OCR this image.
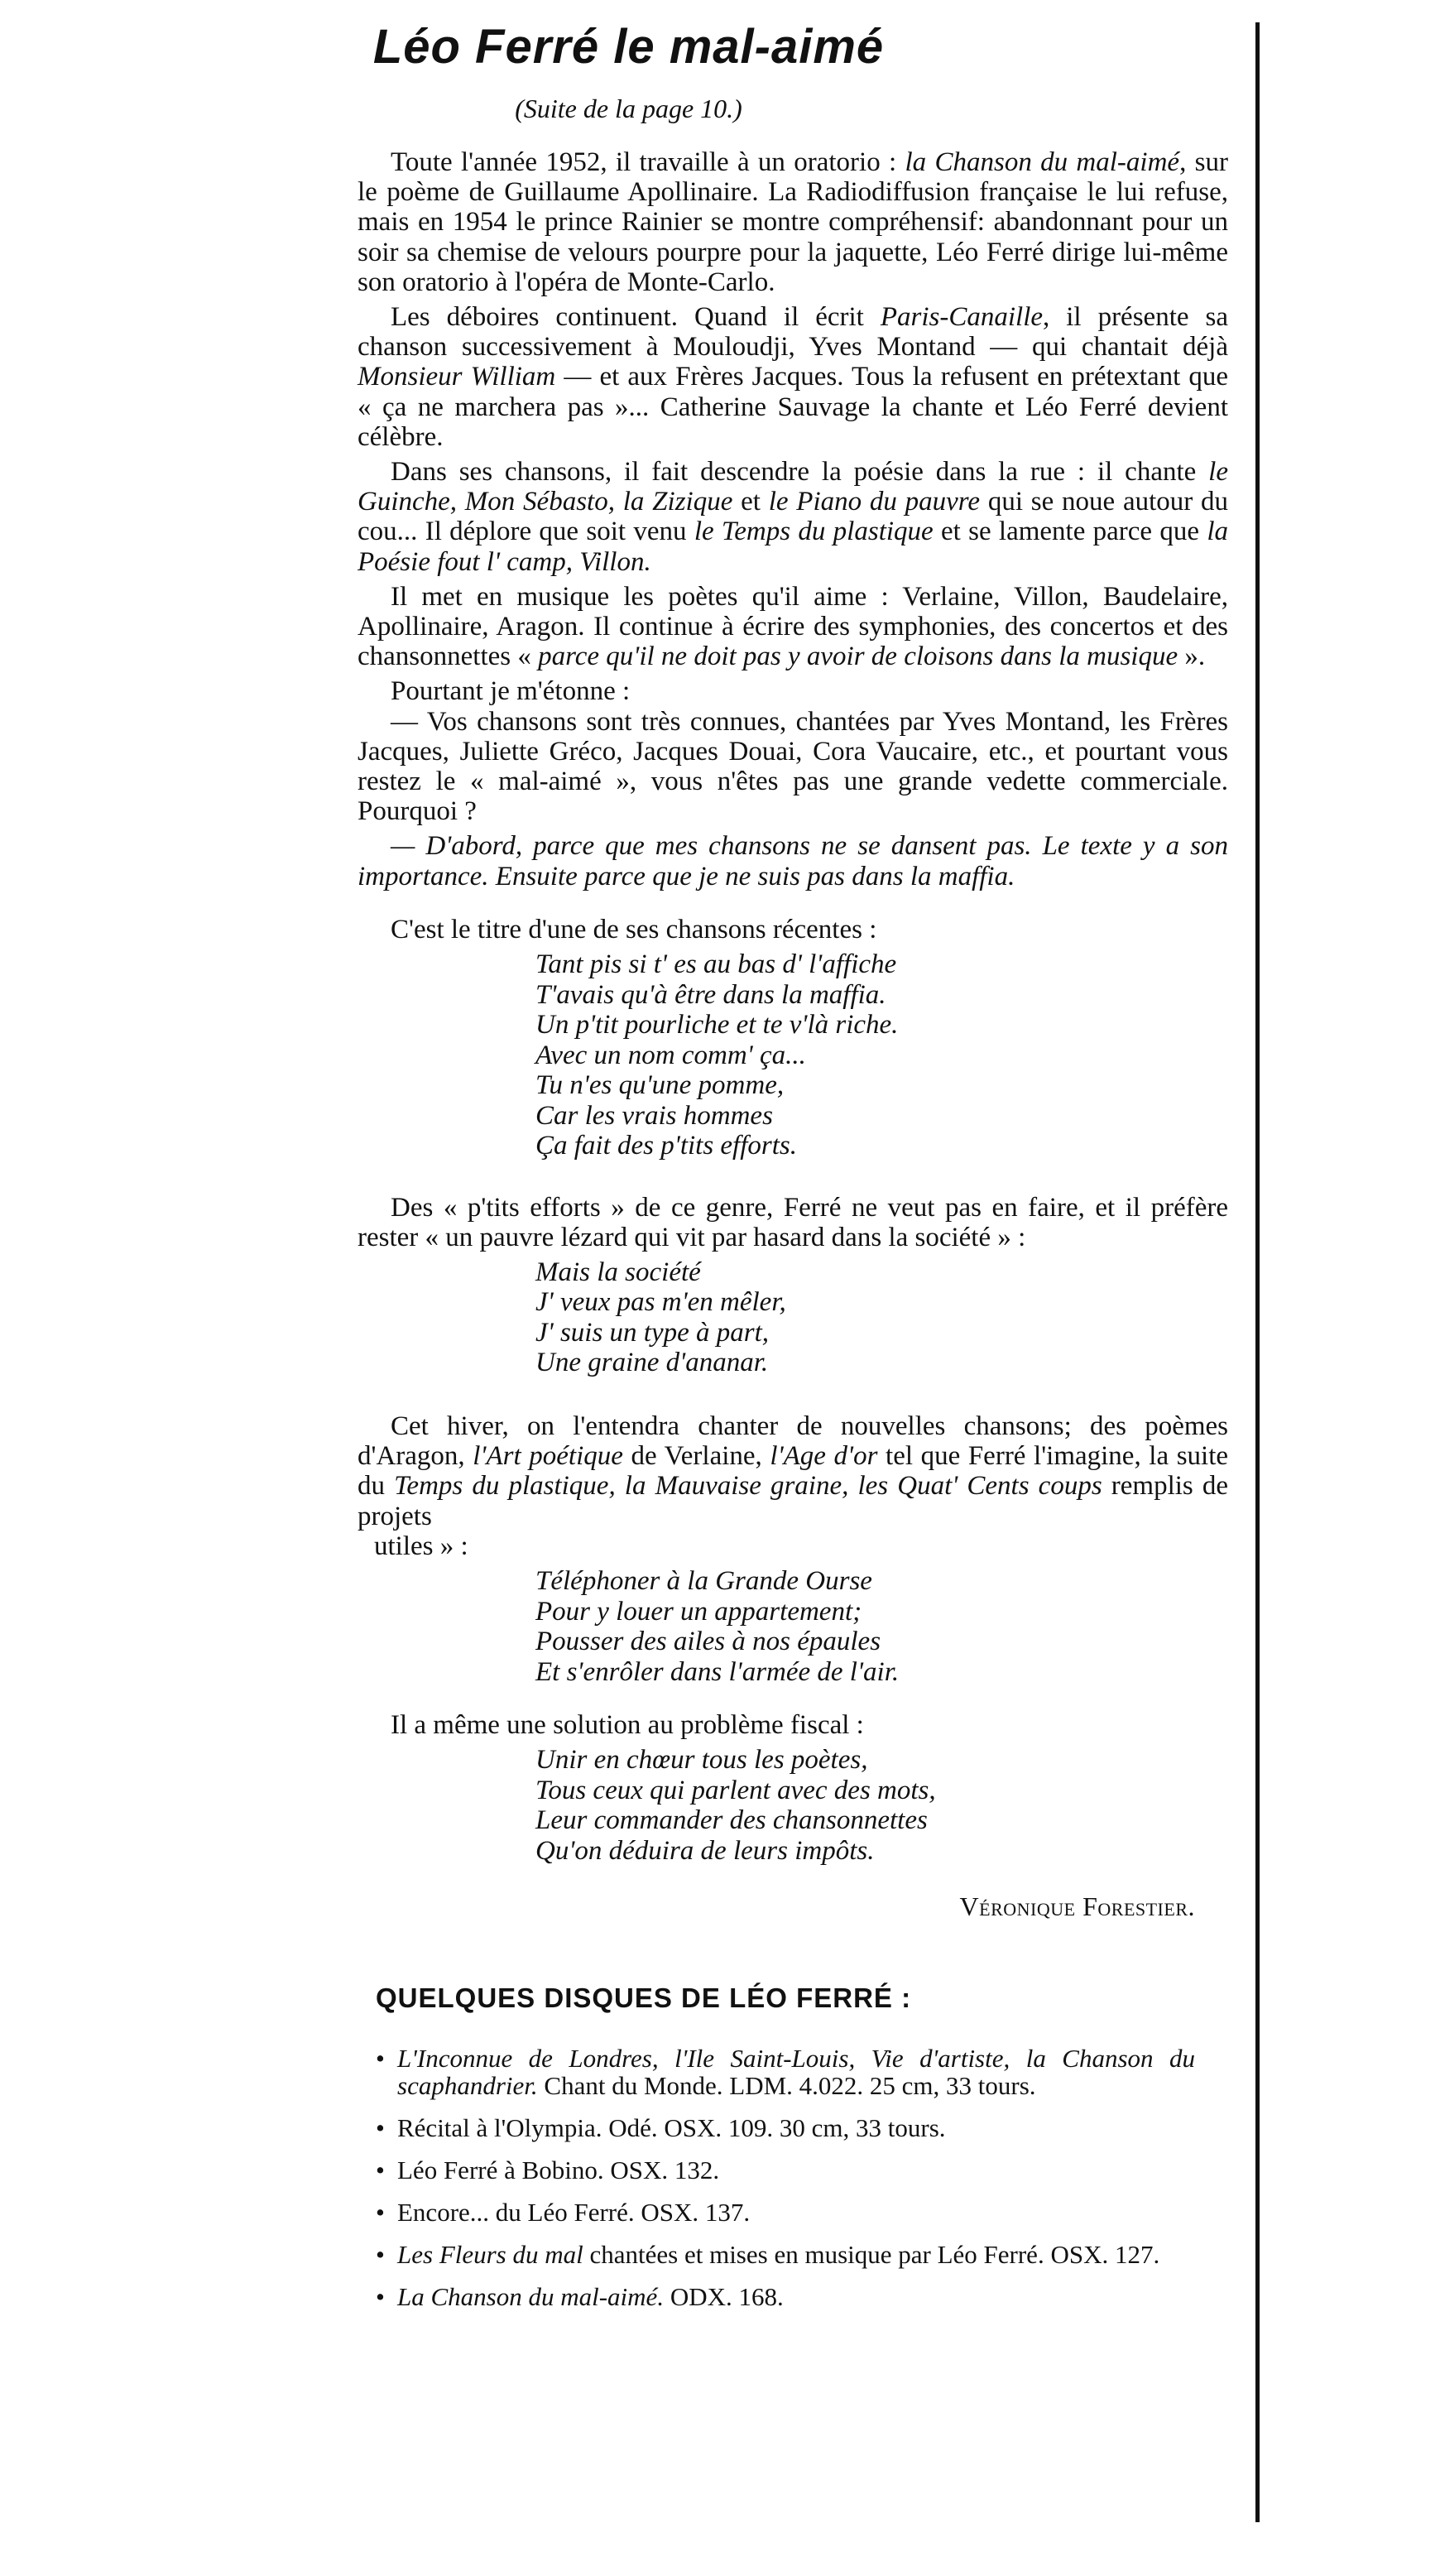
Léo Ferré le mal-aimé
(Suite de la page 10.)

Toute l'année 1952, il travaille à un oratorio : la Chanson du mal-aimé, sur le poème de Guillaume Apollinaire. La Radiodiffusion française le lui refuse, mais en 1954 le prince Rainier se montre compréhensif: abandonnant pour un soir sa chemise de velours pourpre pour la jaquette, Léo Ferré dirige lui-même son oratorio à l'opéra de Monte-Carlo.

Les déboires continuent. Quand il écrit Paris-Canaille, il présente sa chanson successivement à Mouloudji, Yves Montand — qui chantait déjà Monsieur William — et aux Frères Jacques. Tous la refusent en prétextant que « ça ne marchera pas »... Catherine Sauvage la chante et Léo Ferré devient célèbre.

Dans ses chansons, il fait descendre la poésie dans la rue : il chante le Guinche, Mon Sébasto, la Zizique et le Piano du pauvre qui se noue autour du cou... Il déplore que soit venu le Temps du plastique et se lamente parce que la Poésie fout l' camp, Villon.

Il met en musique les poètes qu'il aime : Verlaine, Villon, Baudelaire, Apollinaire, Aragon. Il continue à écrire des symphonies, des concertos et des chansonnettes « parce qu'il ne doit pas y avoir de cloisons dans la musique ».

Pourtant je m'étonne :

— Vos chansons sont très connues, chantées par Yves Montand, les Frères Jacques, Juliette Gréco, Jacques Douai, Cora Vaucaire, etc., et pourtant vous restez le « mal-aimé », vous n'êtes pas une grande vedette commerciale. Pourquoi ?

— D'abord, parce que mes chansons ne se dansent pas. Le texte y a son importance. Ensuite parce que je ne suis pas dans la maffia.

C'est le titre d'une de ses chansons récentes :

Tant pis si t' es au bas d' l'affiche
T'avais qu'à être dans la maffia.
Un p'tit pourliche et te v'là riche.
Avec un nom comm' ça...
Tu n'es qu'une pomme,
Car les vrais hommes
Ça fait des p'tits efforts.

Des « p'tits efforts » de ce genre, Ferré ne veut pas en faire, et il préfère rester « un pauvre lézard qui vit par hasard dans la société » :

Mais la société
J' veux pas m'en mêler,
J' suis un type à part,
Une graine d'ananar.

Cet hiver, on l'entendra chanter de nouvelles chansons; des poèmes d'Aragon, l'Art poétique de Verlaine, l'Age d'or tel que Ferré l'imagine, la suite du Temps du plastique, la Mauvaise graine, les Quat' Cents coups remplis de projets

utiles » :

Téléphoner à la Grande Ourse
Pour y louer un appartement;
Pousser des ailes à nos épaules
Et s'enrôler dans l'armée de l'air.

Il a même une solution au problème fiscal :

Unir en chœur tous les poètes,
Tous ceux qui parlent avec des mots,
Leur commander des chansonnettes
Qu'on déduira de leurs impôts.
Véronique Forestier.
QUELQUES DISQUES DE LÉO FERRÉ :
• L'Inconnue de Londres, l'Ile Saint-Louis, Vie d'artiste, la Chanson du scaphandrier. Chant du Monde. LDM. 4.022. 25 cm, 33 tours.
• Récital à l'Olympia. Odé. OSX. 109. 30 cm, 33 tours.
• Léo Ferré à Bobino. OSX. 132.
• Encore... du Léo Ferré. OSX. 137.
• Les Fleurs du mal chantées et mises en musique par Léo Ferré. OSX. 127.
• La Chanson du mal-aimé. ODX. 168.
